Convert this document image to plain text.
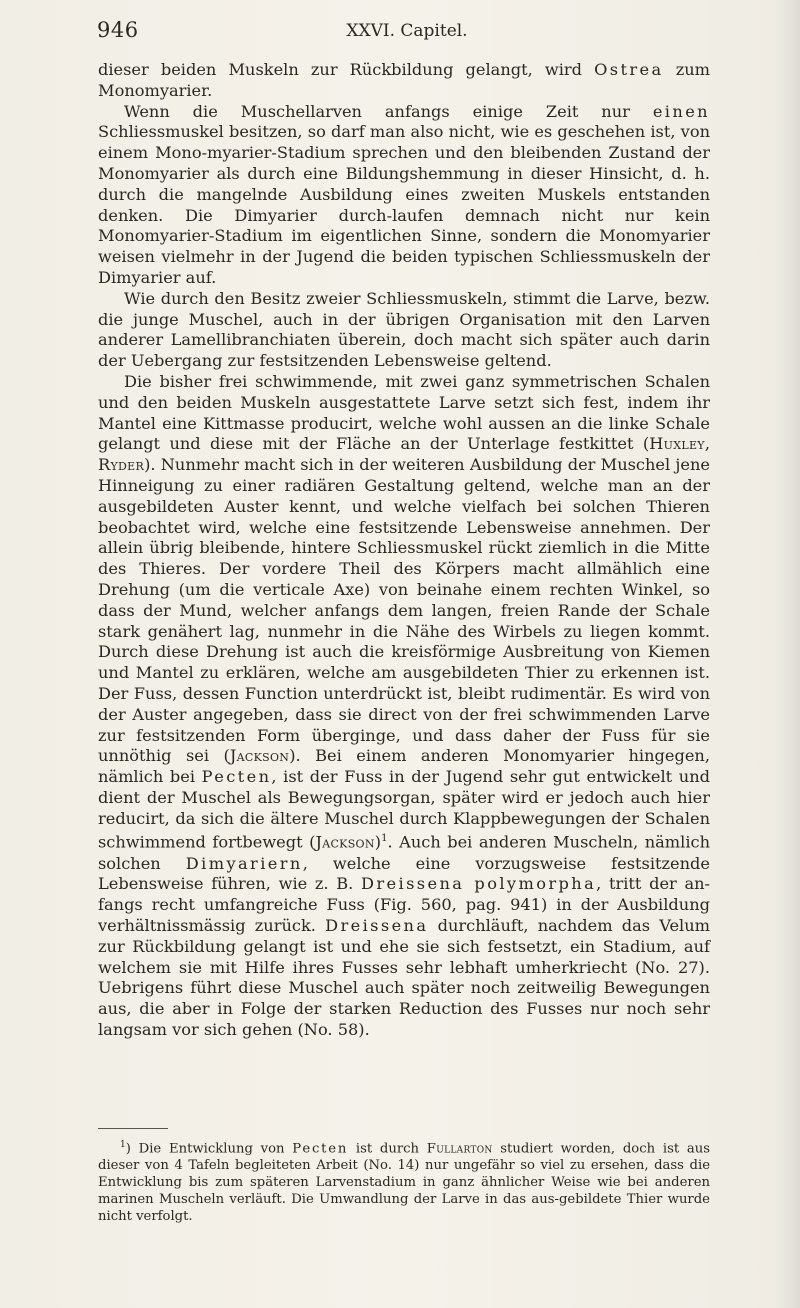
946	XXVI. Capitel.

dieser beiden Muskeln zur Rückbildung gelangt, wird Ostrea zum Monomyarier.

Wenn die Muschellarven anfangs einige Zeit nur einen Schliessmuskel besitzen, so darf man also nicht, wie es geschehen ist, von einem Mono-myarier-Stadium sprechen und den bleibenden Zustand der Monomyarier als durch eine Bildungshemmung in dieser Hinsicht, d. h. durch die mangelnde Ausbildung eines zweiten Muskels entstanden denken. Die Dimyarier durch-laufen demnach nicht nur kein Monomyarier-Stadium im eigentlichen Sinne, sondern die Monomyarier weisen vielmehr in der Jugend die beiden typischen Schliessmuskeln der Dimyarier auf.

Wie durch den Besitz zweier Schliessmuskeln, stimmt die Larve, bezw. die junge Muschel, auch in der übrigen Organisation mit den Larven anderer Lamellibranchiaten überein, doch macht sich später auch darin der Uebergang zur festsitzenden Lebensweise geltend.

Die bisher frei schwimmende, mit zwei ganz symmetrischen Schalen und den beiden Muskeln ausgestattete Larve setzt sich fest, indem ihr Mantel eine Kittmasse producirt, welche wohl aussen an die linke Schale gelangt und diese mit der Fläche an der Unterlage festkittet (Huxley, Ryder). Nunmehr macht sich in der weiteren Ausbildung der Muschel jene Hinneigung zu einer radiären Gestaltung geltend, welche man an der ausgebildeten Auster kennt, und welche vielfach bei solchen Thieren beobachtet wird, welche eine festsitzende Lebensweise annehmen. Der allein übrig bleibende, hintere Schliessmuskel rückt ziemlich in die Mitte des Thieres. Der vordere Theil des Körpers macht allmählich eine Drehung (um die verticale Axe) von beinahe einem rechten Winkel, so dass der Mund, welcher anfangs dem langen, freien Rande der Schale stark genähert lag, nunmehr in die Nähe des Wirbels zu liegen kommt. Durch diese Drehung ist auch die kreisförmige Ausbreitung von Kiemen und Mantel zu erklären, welche am ausgebildeten Thier zu erkennen ist. Der Fuss, dessen Function unterdrückt ist, bleibt rudimentär. Es wird von der Auster angegeben, dass sie direct von der frei schwimmenden Larve zur festsitzenden Form überginge, und dass daher der Fuss für sie unnöthig sei (Jackson). Bei einem anderen Monomyarier hingegen, nämlich bei Pecten, ist der Fuss in der Jugend sehr gut entwickelt und dient der Muschel als Bewegungsorgan, später wird er jedoch auch hier reducirt, da sich die ältere Muschel durch Klappbewegungen der Schalen schwimmend fortbewegt (Jackson)$^1$. Auch bei anderen Muscheln, nämlich solchen Dimyariern, welche eine vorzugsweise festsitzende Lebensweise führen, wie z. B. Dreissena polymorpha, tritt der an-fangs recht umfangreiche Fuss (Fig. 560, pag. 941) in der Ausbildung verhältnissmässig zurück. Dreissena durchläuft, nachdem das Velum zur Rückbildung gelangt ist und ehe sie sich festsetzt, ein Stadium, auf welchem sie mit Hilfe ihres Fusses sehr lebhaft umherkriecht (No. 27). Uebrigens führt diese Muschel auch später noch zeitweilig Bewegungen aus, die aber in Folge der starken Reduction des Fusses nur noch sehr langsam vor sich gehen (No. 58).

$^1$) Die Entwicklung von Pecten ist durch Fullarton studiert worden, doch ist aus dieser von 4 Tafeln begleiteten Arbeit (No. 14) nur ungefähr so viel zu ersehen, dass die Entwicklung bis zum späteren Larvenstadium in ganz ähnlicher Weise wie bei anderen marinen Muscheln verläuft. Die Umwandlung der Larve in das aus-gebildete Thier wurde nicht verfolgt.
